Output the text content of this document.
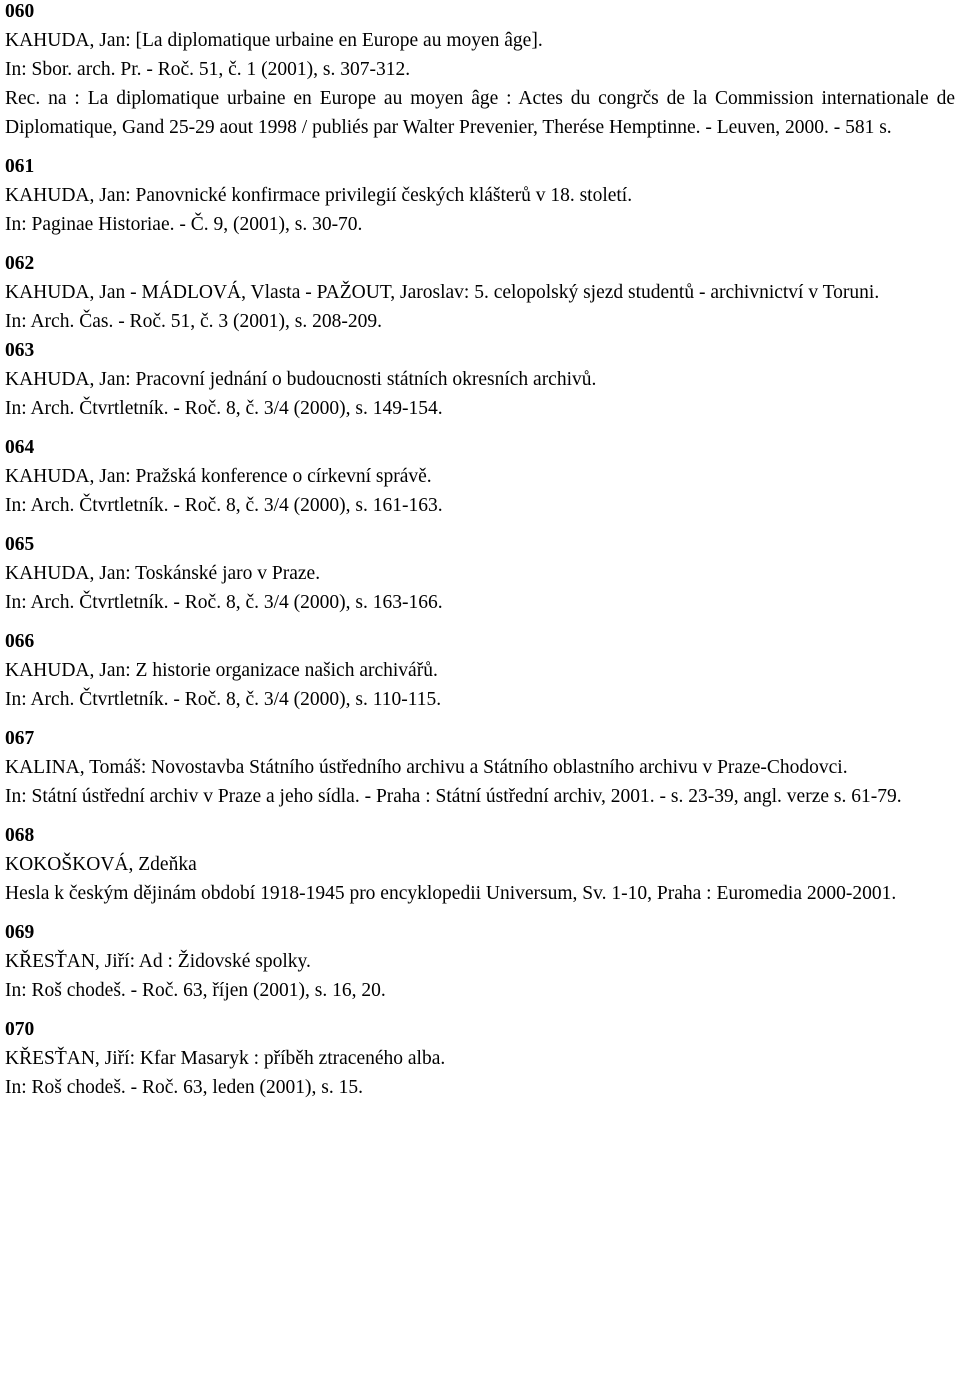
060
KAHUDA, Jan: [La diplomatique urbaine en Europe au moyen âge].
In: Sbor. arch. Pr. - Roč. 51, č. 1 (2001), s. 307-312.
Rec. na : La diplomatique urbaine en Europe au moyen âge : Actes du congrčs de la Commission internationale de Diplomatique, Gand 25-29 aout 1998 / publiés par Walter Prevenier, Therése Hemptinne. - Leuven, 2000. - 581 s.
061
KAHUDA, Jan: Panovnické konfirmace privilegií českých klášterů v 18. století.
In: Paginae Historiae. - Č. 9, (2001), s. 30-70.
062
KAHUDA, Jan - MÁDLOVÁ, Vlasta - PAŽOUT, Jaroslav: 5. celopolský sjezd studentů - archivnictví v Toruni.
In: Arch. Čas. - Roč. 51, č. 3 (2001), s. 208-209.
063
KAHUDA, Jan: Pracovní jednání o budoucnosti státních okresních archivů.
In: Arch. Čtvrtletník. - Roč. 8, č. 3/4 (2000), s. 149-154.
064
KAHUDA, Jan: Pražská konference o církevní správě.
In: Arch. Čtvrtletník. - Roč. 8, č. 3/4 (2000), s. 161-163.
065
KAHUDA, Jan: Toskánské jaro v Praze.
In: Arch. Čtvrtletník. - Roč. 8, č. 3/4 (2000), s. 163-166.
066
KAHUDA, Jan: Z historie organizace našich archivářů.
In: Arch. Čtvrtletník. - Roč. 8, č. 3/4 (2000), s. 110-115.
067
KALINA, Tomáš: Novostavba Státního ústředního archivu a Státního oblastního archivu v Praze-Chodovci.
In: Státní ústřední archiv v Praze a jeho sídla. - Praha : Státní ústřední archiv, 2001. - s. 23-39, angl. verze s. 61-79.
068
KOKOŠKOVÁ, Zdeňka
Hesla k českým dějinám období 1918-1945 pro encyklopedii Universum, Sv. 1-10, Praha : Euromedia 2000-2001.
069
KŘESŤAN, Jiří: Ad : Židovské spolky.
In: Roš chodeš. - Roč. 63, říjen (2001), s. 16, 20.
070
KŘESŤAN, Jiří: Kfar Masaryk : příběh ztraceného alba.
In: Roš chodeš. - Roč. 63, leden (2001), s. 15.
